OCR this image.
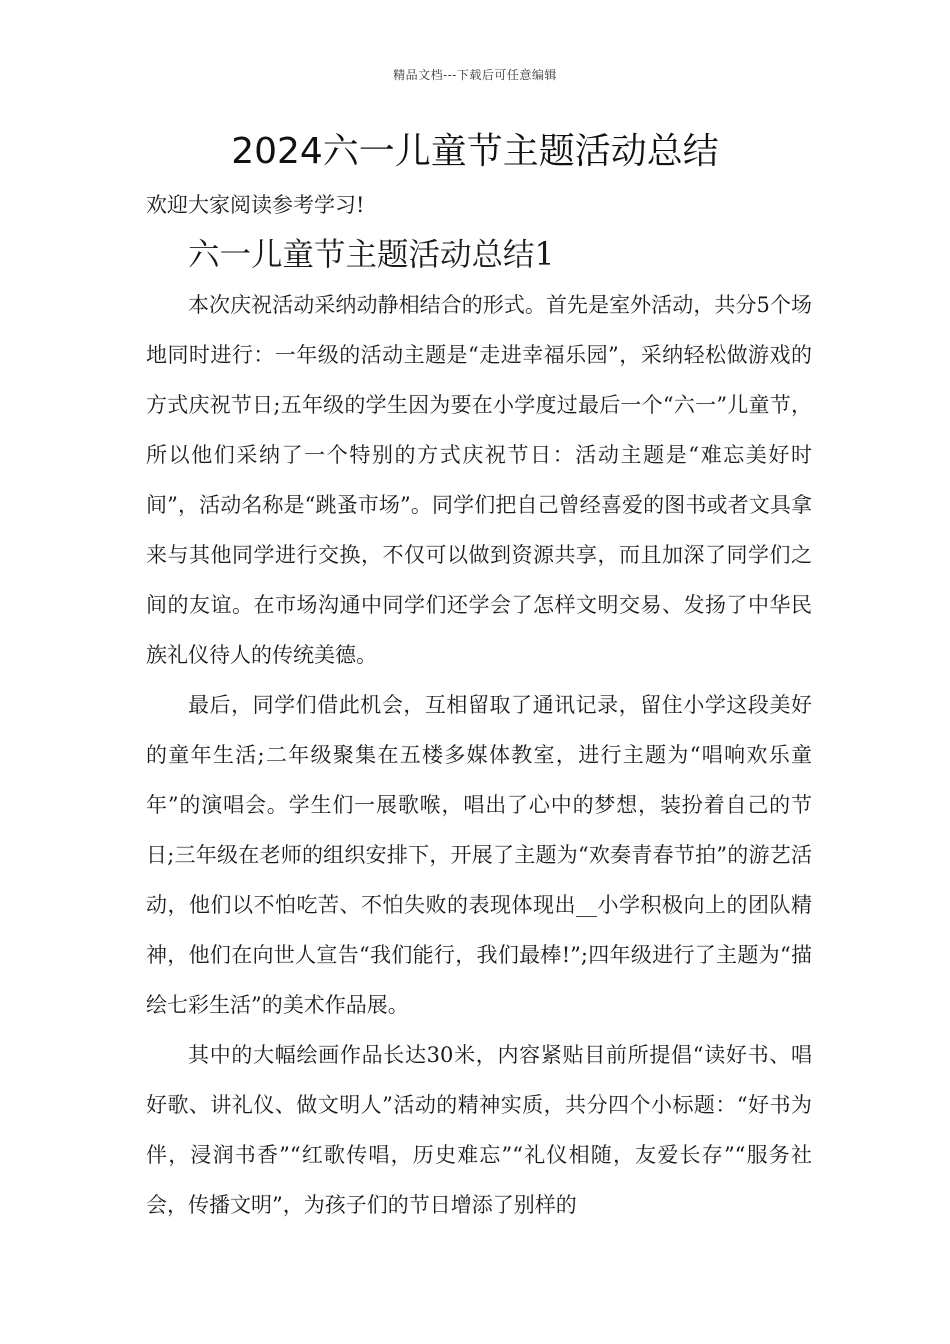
精品文档---下载后可任意编辑
2024六一儿童节主题活动总结

欢迎大家阅读参考学习!

六一儿童节主题活动总结1

本次庆祝活动采纳动静相结合的形式。首先是室外活动，共分5个场地同时进行：一年级的活动主题是“走进幸福乐园”，采纳轻松做游戏的方式庆祝节日;五年级的学生因为要在小学度过最后一个“六一”儿童节，所以他们采纳了一个特别的方式庆祝节日：活动主题是“难忘美好时间”，活动名称是“跳蚤市场”。同学们把自己曾经喜爱的图书或者文具拿来与其他同学进行交换，不仅可以做到资源共享，而且加深了同学们之间的友谊。在市场沟通中同学们还学会了怎样文明交易、发扬了中华民族礼仪待人的传统美德。

最后，同学们借此机会，互相留取了通讯记录，留住小学这段美好的童年生活;二年级聚集在五楼多媒体教室，进行主题为“唱响欢乐童年”的演唱会。学生们一展歌喉，唱出了心中的梦想，装扮着自己的节日;三年级在老师的组织安排下，开展了主题为“欢奏青春节拍”的游艺活动，他们以不怕吃苦、不怕失败的表现体现出__小学积极向上的团队精神，他们在向世人宣告“我们能行，我们最棒!”;四年级进行了主题为“描绘七彩生活”的美术作品展。

其中的大幅绘画作品长达30米，内容紧贴目前所提倡“读好书、唱好歌、讲礼仪、做文明人”活动的精神实质，共分四个小标题：“好书为伴，浸润书香”“红歌传唱，历史难忘”“礼仪相随，友爱长存”“服务社会，传播文明”，为孩子们的节日增添了别样的
